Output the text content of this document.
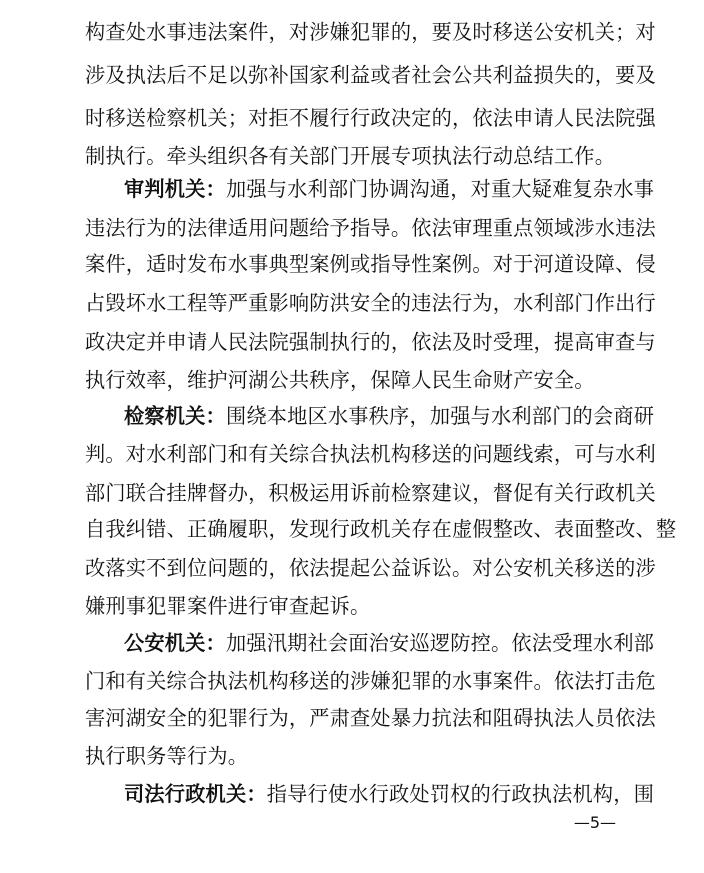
构查处水事违法案件，对涉嫌犯罪的，要及时移送公安机关；对
涉及执法后不足以弥补国家利益或者社会公共利益损失的，要及
时移送检察机关；对拒不履行行政决定的，依法申请人民法院强
制执行。牵头组织各有关部门开展专项执法行动总结工作。
审判机关：加强与水利部门协调沟通，对重大疑难复杂水事
违法行为的法律适用问题给予指导。依法审理重点领域涉水违法
案件，适时发布水事典型案例或指导性案例。对于河道设障、侵
占毁坏水工程等严重影响防洪安全的违法行为，水利部门作出行
政决定并申请人民法院强制执行的，依法及时受理，提高审查与
执行效率，维护河湖公共秩序，保障人民生命财产安全。
检察机关：围绕本地区水事秩序，加强与水利部门的会商研
判。对水利部门和有关综合执法机构移送的问题线索，可与水利
部门联合挂牌督办，积极运用诉前检察建议，督促有关行政机关
自我纠错、正确履职，发现行政机关存在虚假整改、表面整改、整
改落实不到位问题的，依法提起公益诉讼。对公安机关移送的涉
嫌刑事犯罪案件进行审查起诉。
公安机关：加强汛期社会面治安巡逻防控。依法受理水利部
门和有关综合执法机构移送的涉嫌犯罪的水事案件。依法打击危
害河湖安全的犯罪行为，严肃查处暴力抗法和阻碍执法人员依法
执行职务等行为。
司法行政机关：指导行使水行政处罚权的行政执法机构，围
—5—
